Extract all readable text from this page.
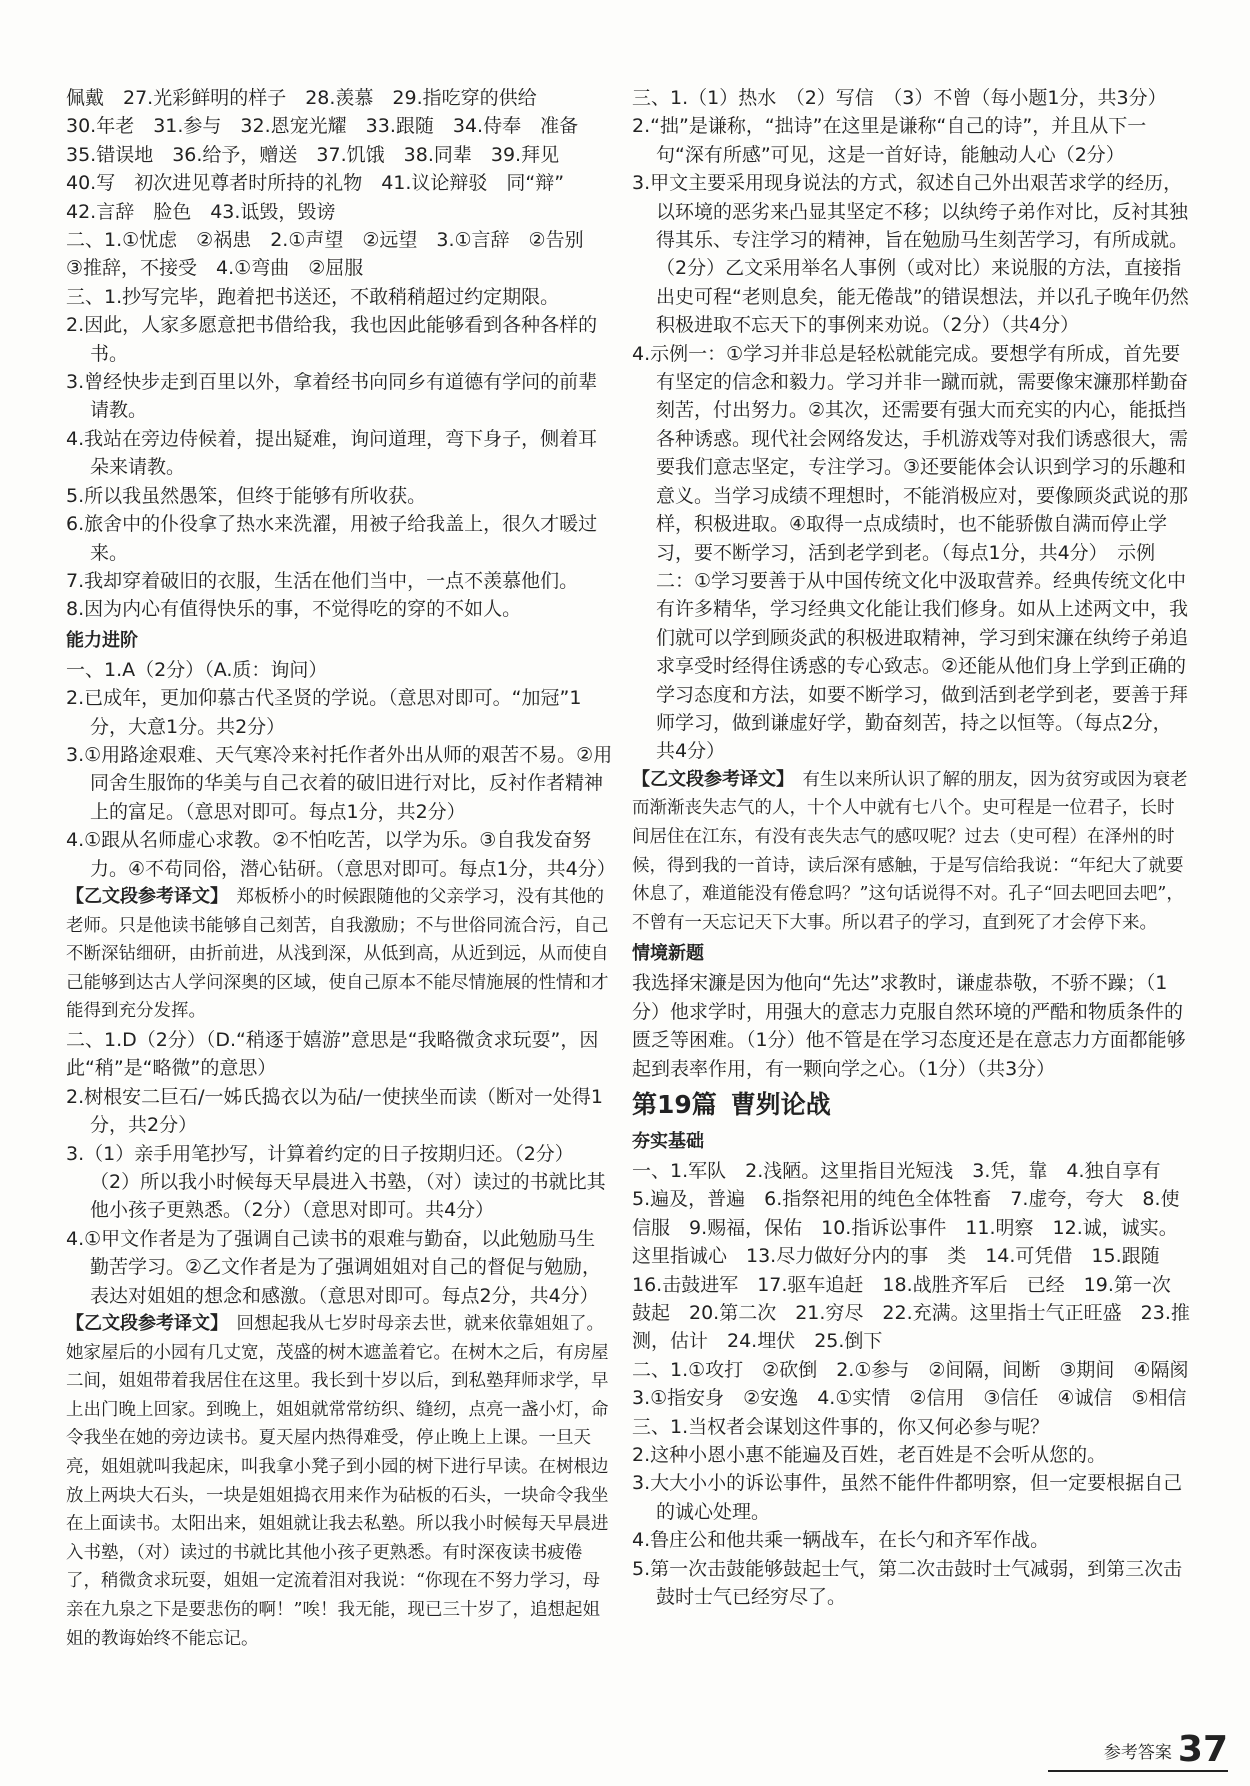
佩戴　27.光彩鲜明的样子　28.羡慕　29.指吃穿的供给

30.年老　31.参与　32.恩宠光耀　33.跟随　34.侍奉　准备

35.错误地　36.给予，赠送　37.饥饿　38.同辈　39.拜见

40.写　初次进见尊者时所持的礼物　41.议论辩驳　同“辩”

42.言辞　脸色　43.诋毁，毁谤

二、1.①忧虑　②祸患　2.①声望　②远望　3.①言辞　②告别　③推辞，不接受　4.①弯曲　②屈服

三、1.抄写完毕，跑着把书送还，不敢稍稍超过约定期限。

2.因此，人家多愿意把书借给我，我也因此能够看到各种各样的书。

3.曾经快步走到百里以外，拿着经书向同乡有道德有学问的前辈请教。

4.我站在旁边侍候着，提出疑难，询问道理，弯下身子，侧着耳朵来请教。

5.所以我虽然愚笨，但终于能够有所收获。

6.旅舍中的仆役拿了热水来洗濯，用被子给我盖上，很久才暖过来。

7.我却穿着破旧的衣服，生活在他们当中，一点不羡慕他们。

8.因为内心有值得快乐的事，不觉得吃的穿的不如人。

能力进阶

一、1.A（2分）（A.质：询问）

2.已成年，更加仰慕古代圣贤的学说。（意思对即可。“加冠”1分，大意1分。共2分）

3.①用路途艰难、天气寒冷来衬托作者外出从师的艰苦不易。②用同舍生服饰的华美与自己衣着的破旧进行对比，反衬作者精神上的富足。（意思对即可。每点1分，共2分）

4.①跟从名师虚心求教。②不怕吃苦，以学为乐。③自我发奋努力。④不苟同俗，潜心钻研。（意思对即可。每点1分，共4分）

【乙文段参考译文】　郑板桥小的时候跟随他的父亲学习，没有其他的老师。只是他读书能够自己刻苦，自我激励；不与世俗同流合污，自己不断深钻细研，由折前进，从浅到深，从低到高，从近到远，从而使自己能够到达古人学问深奥的区域，使自己原本不能尽情施展的性情和才能得到充分发挥。

二、1.D（2分）（D.“稍逐于嬉游”意思是“我略微贪求玩耍”，因此“稍”是“略微”的意思）

2.树根安二巨石/一姊氏捣衣以为砧/一使挟坐而读（断对一处得1分，共2分）

3.（1）亲手用笔抄写，计算着约定的日子按期归还。（2分）

（2）所以我小时候每天早晨进入书塾，（对）读过的书就比其他小孩子更熟悉。（2分）（意思对即可。共4分）

4.①甲文作者是为了强调自己读书的艰难与勤奋，以此勉励马生勤苦学习。②乙文作者是为了强调姐姐对自己的督促与勉励，表达对姐姐的想念和感激。（意思对即可。每点2分，共4分）

【乙文段参考译文】　回想起我从七岁时母亲去世，就来依靠姐姐了。她家屋后的小园有几丈宽，茂盛的树木遮盖着它。在树木之后，有房屋二间，姐姐带着我居住在这里。我长到十岁以后，到私塾拜师求学，早上出门晚上回家。到晚上，姐姐就常常纺织、缝纫，点亮一盏小灯，命令我坐在她的旁边读书。夏天屋内热得难受，停止晚上上课。一旦天亮，姐姐就叫我起床，叫我拿小凳子到小园的树下进行早读。在树根边放上两块大石头，一块是姐姐捣衣用来作为砧板的石头，一块命令我坐在上面读书。太阳出来，姐姐就让我去私塾。所以我小时候每天早晨进入书塾，（对）读过的书就比其他小孩子更熟悉。有时深夜读书疲倦了，稍微贪求玩耍，姐姐一定流着泪对我说：“你现在不努力学习，母亲在九泉之下是要悲伤的啊！”唉！我无能，现已三十岁了，追想起姐姐的教诲始终不能忘记。

三、1.（1）热水　（2）写信　（3）不曾（每小题1分，共3分）

2.“拙”是谦称，“拙诗”在这里是谦称“自己的诗”，并且从下一句“深有所感”可见，这是一首好诗，能触动人心（2分）

3.甲文主要采用现身说法的方式，叙述自己外出艰苦求学的经历，以环境的恶劣来凸显其坚定不移；以纨绔子弟作对比，反衬其独得其乐、专注学习的精神，旨在勉励马生刻苦学习，有所成就。（2分）乙文采用举名人事例（或对比）来说服的方法，直接指出史可程“老则息矣，能无倦哉”的错误想法，并以孔子晚年仍然积极进取不忘天下的事例来劝说。（2分）（共4分）

4.示例一：①学习并非总是轻松就能完成。要想学有所成，首先要有坚定的信念和毅力。学习并非一蹴而就，需要像宋濂那样勤奋刻苦，付出努力。②其次，还需要有强大而充实的内心，能抵挡各种诱惑。现代社会网络发达，手机游戏等对我们诱惑很大，需要我们意志坚定，专注学习。③还要能体会认识到学习的乐趣和意义。当学习成绩不理想时，不能消极应对，要像顾炎武说的那样，积极进取。④取得一点成绩时，也不能骄傲自满而停止学习，要不断学习，活到老学到老。（每点1分，共4分）　示例二：①学习要善于从中国传统文化中汲取营养。经典传统文化中有许多精华，学习经典文化能让我们修身。如从上述两文中，我们就可以学到顾炎武的积极进取精神，学习到宋濂在纨绔子弟追求享受时经得住诱惑的专心致志。②还能从他们身上学到正确的学习态度和方法，如要不断学习，做到活到老学到老，要善于拜师学习，做到谦虚好学，勤奋刻苦，持之以恒等。（每点2分，共4分）

【乙文段参考译文】　有生以来所认识了解的朋友，因为贫穷或因为衰老而渐渐丧失志气的人，十个人中就有七八个。史可程是一位君子，长时间居住在江东，有没有丧失志气的感叹呢？过去（史可程）在泽州的时候，得到我的一首诗，读后深有感触，于是写信给我说：“年纪大了就要休息了，难道能没有倦怠吗？”这句话说得不对。孔子“回去吧回去吧”，不曾有一天忘记天下大事。所以君子的学习，直到死了才会停下来。

情境新题

我选择宋濂是因为他向“先达”求教时，谦虚恭敬，不骄不躁；（1分）他求学时，用强大的意志力克服自然环境的严酷和物质条件的匮乏等困难。（1分）他不管是在学习态度还是在意志力方面都能够起到表率作用，有一颗向学之心。（1分）（共3分）

第19篇 曹刿论战
夯实基础

一、1.军队　2.浅陋。这里指目光短浅　3.凭，靠　4.独自享有　5.遍及，普遍　6.指祭祀用的纯色全体牲畜　7.虚夸，夸大　8.使信服　9.赐福，保佑　10.指诉讼事件　11.明察　12.诚，诚实。这里指诚心　13.尽力做好分内的事　类　14.可凭借　15.跟随　16.击鼓进军　17.驱车追赶　18.战胜齐军后　已经　19.第一次　鼓起　20.第二次　21.穷尽　22.充满。这里指士气正旺盛　23.推测，估计　24.埋伏　25.倒下

二、1.①攻打　②砍倒　2.①参与　②间隔，间断　③期间　④隔阂　3.①指安身　②安逸　4.①实情　②信用　③信任　④诚信　⑤相信

三、1.当权者会谋划这件事的，你又何必参与呢？

2.这种小恩小惠不能遍及百姓，老百姓是不会听从您的。

3.大大小小的诉讼事件，虽然不能件件都明察，但一定要根据自己的诚心处理。

4.鲁庄公和他共乘一辆战车，在长勺和齐军作战。

5.第一次击鼓能够鼓起士气，第二次击鼓时士气减弱，到第三次击鼓时士气已经穷尽了。

参考答案 37
